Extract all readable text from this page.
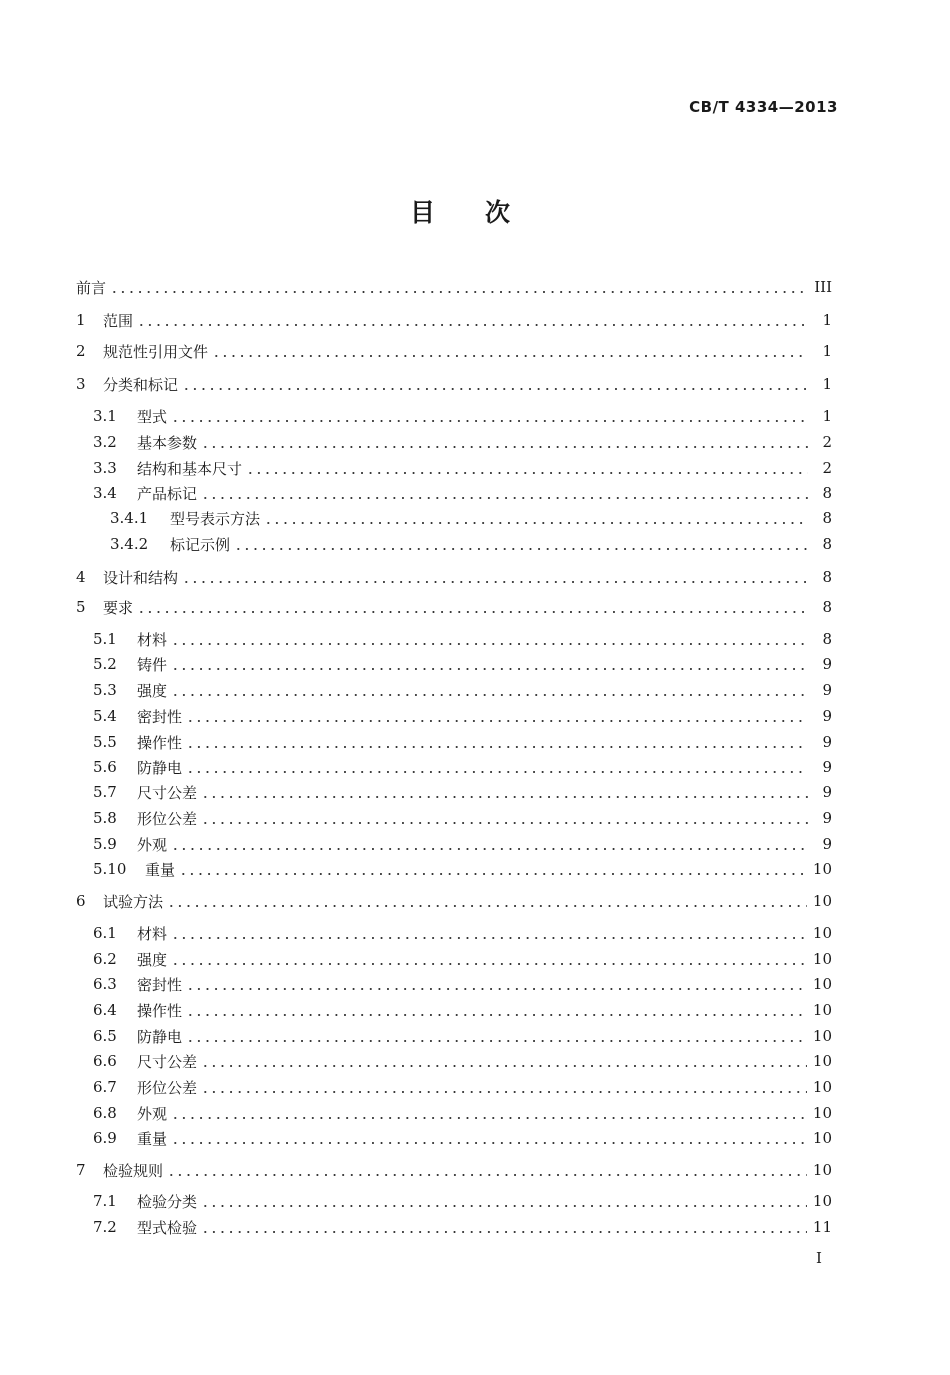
CB/T 4334—2013
目次
前言	III
1	范围	1
2	规范性引用文件	1
3	分类和标记	1
3.1	型式	1
3.2	基本参数	2
3.3	结构和基本尺寸	2
3.4	产品标记	8
3.4.1	型号表示方法	8
3.4.2	标记示例	8
4	设计和结构	8
5	要求	8
5.1	材料	8
5.2	铸件	9
5.3	强度	9
5.4	密封性	9
5.5	操作性	9
5.6	防静电	9
5.7	尺寸公差	9
5.8	形位公差	9
5.9	外观	9
5.10	重量	10
6	试验方法	10
6.1	材料	10
6.2	强度	10
6.3	密封性	10
6.4	操作性	10
6.5	防静电	10
6.6	尺寸公差	10
6.7	形位公差	10
6.8	外观	10
6.9	重量	10
7	检验规则	10
7.1	检验分类	10
7.2	型式检验	11
I
